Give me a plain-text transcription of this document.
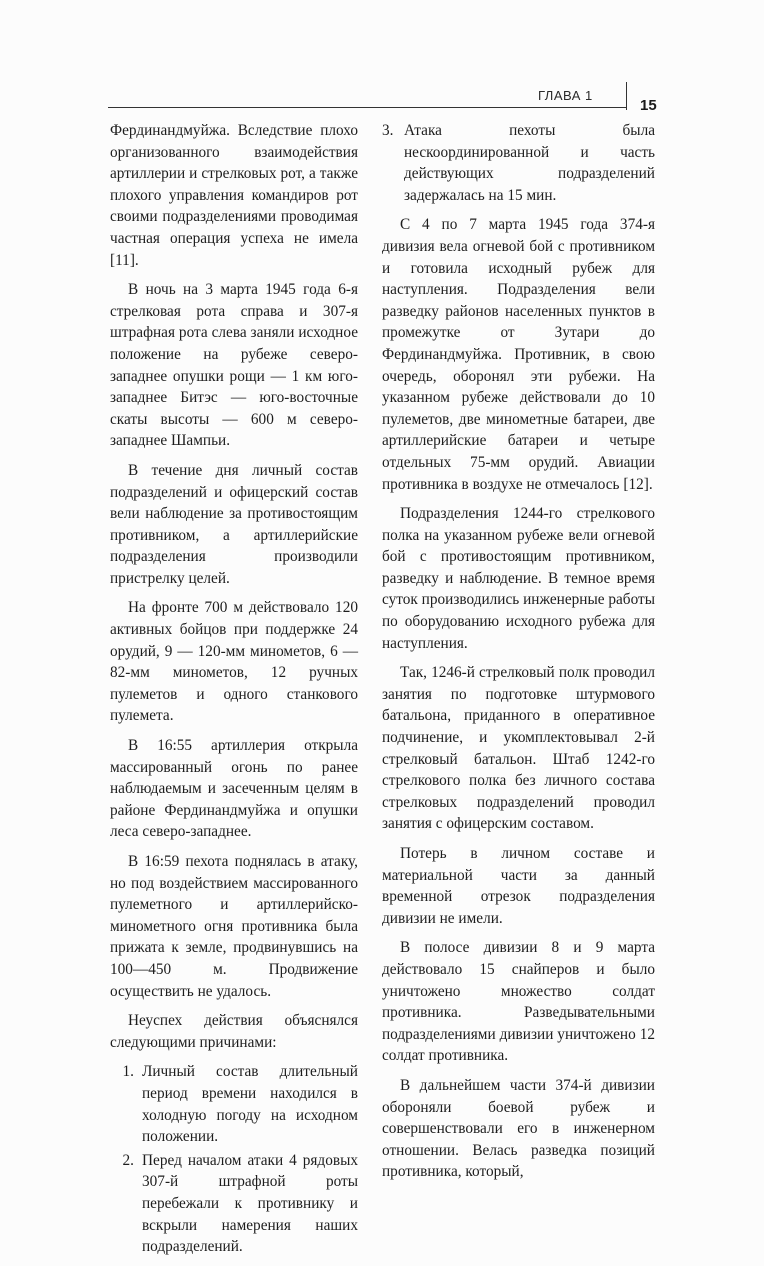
ГЛАВА 1
15

Фердинандмуйжа. Вследствие плохо организованного взаимодействия артиллерии и стрелковых рот, а также плохого управления командиров рот своими подразделениями проводимая частная операция успеха не имела [11].

В ночь на 3 марта 1945 года 6-я стрелковая рота справа и 307-я штрафная рота слева заняли исходное положение на рубеже северо-западнее опушки рощи — 1 км юго-западнее Битэс — юго-восточные скаты высоты — 600 м северо-западнее Шампьи.

В течение дня личный состав подразделений и офицерский состав вели наблюдение за противостоящим противником, а артиллерийские подразделения производили пристрелку целей.

На фронте 700 м действовало 120 активных бойцов при поддержке 24 орудий, 9 — 120-мм минометов, 6 — 82-мм минометов, 12 ручных пулеметов и одного станкового пулемета.

В 16:55 артиллерия открыла массированный огонь по ранее наблюдаемым и засеченным целям в районе Фердинандмуйжа и опушки леса северо-западнее.

В 16:59 пехота поднялась в атаку, но под воздействием массированного пулеметного и артиллерийско-минометного огня противника была прижата к земле, продвинувшись на 100—450 м. Продвижение осуществить не удалось.

Неуспех действия объяснялся следующими причинами:

1. Личный состав длительный период времени находился в холодную погоду на исходном положении.
2. Перед началом атаки 4 рядовых 307-й штрафной роты перебежали к противнику и вскрыли намерения наших подразделений.
3. Атака пехоты была нескоординированной и часть действующих подразделений задержалась на 15 мин.

С 4 по 7 марта 1945 года 374-я дивизия вела огневой бой с противником и готовила исходный рубеж для наступления. Подразделения вели разведку районов населенных пунктов в промежутке от Зутари до Фердинандмуйжа. Противник, в свою очередь, оборонял эти рубежи. На указанном рубеже действовали до 10 пулеметов, две минометные батареи, две артиллерийские батареи и четыре отдельных 75-мм орудий. Авиации противника в воздухе не отмечалось [12].

Подразделения 1244-го стрелкового полка на указанном рубеже вели огневой бой с противостоящим противником, разведку и наблюдение. В темное время суток производились инженерные работы по оборудованию исходного рубежа для наступления.

Так, 1246-й стрелковый полк проводил занятия по подготовке штурмового батальона, приданного в оперативное подчинение, и укомплектовывал 2-й стрелковый батальон. Штаб 1242-го стрелкового полка без личного состава стрелковых подразделений проводил занятия с офицерским составом.

Потерь в личном составе и материальной части за данный временной отрезок подразделения дивизии не имели.

В полосе дивизии 8 и 9 марта действовало 15 снайперов и было уничтожено множество солдат противника. Разведывательными подразделениями дивизии уничтожено 12 солдат противника.

В дальнейшем части 374-й дивизии обороняли боевой рубеж и совершенствовали его в инженерном отношении. Велась разведка позиций противника, который,
